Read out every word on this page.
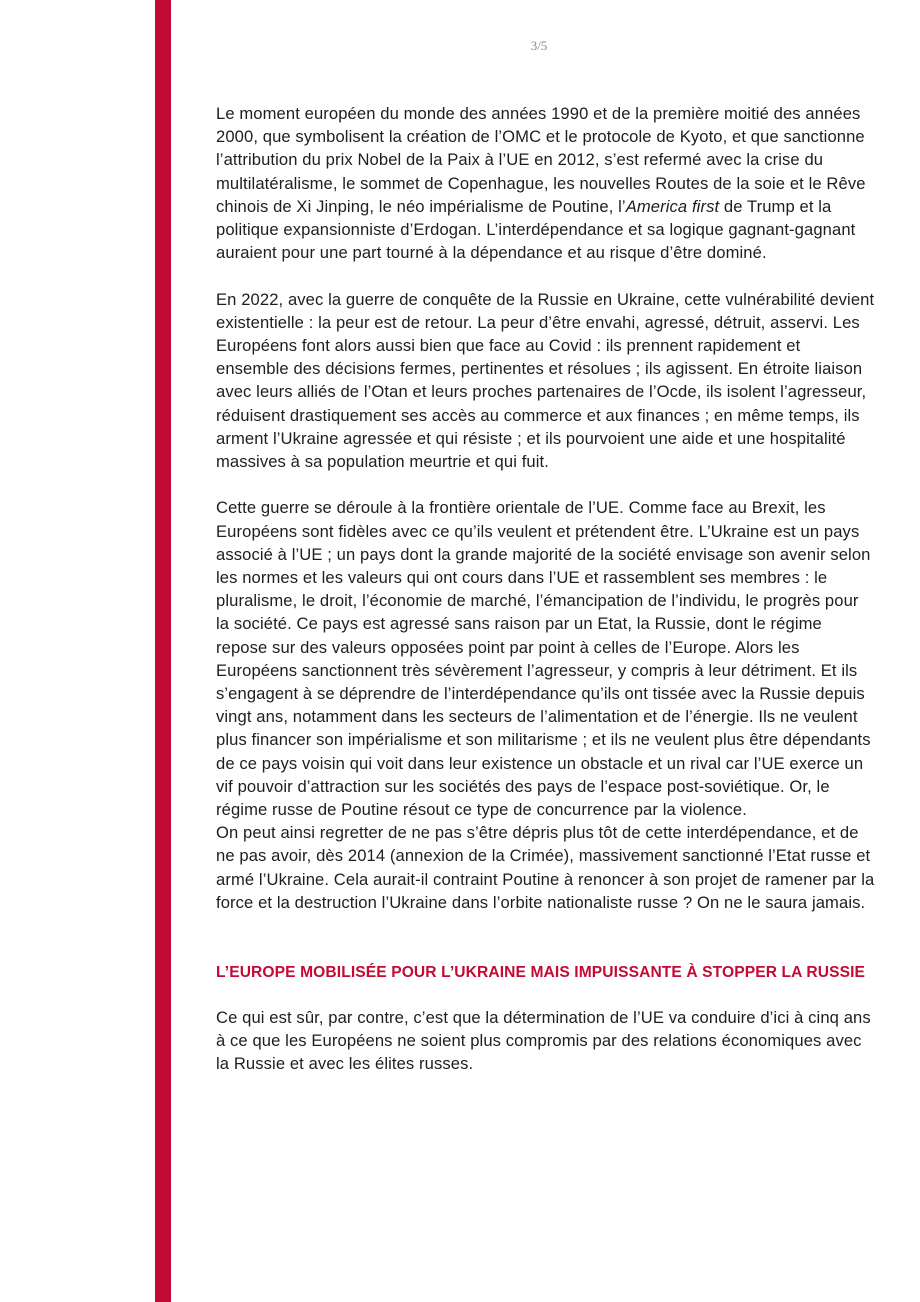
3/5

Le moment européen du monde des années 1990 et de la première moitié des années 2000, que symbolisent la création de l’OMC et le protocole de Kyoto, et que sanctionne l’attribution du prix Nobel de la Paix à l’UE en 2012, s’est refermé avec la crise du multilatéralisme, le sommet de Copenhague, les nouvelles Routes de la soie et le Rêve chinois de Xi Jinping, le néo impérialisme de Poutine, l’America first de Trump et la politique expansionniste d’Erdogan. L’interdépendance et sa logique gagnant-gagnant auraient pour une part tourné à la dépendance et au risque d’être dominé.

En 2022, avec la guerre de conquête de la Russie en Ukraine, cette vulnérabilité devient existentielle : la peur est de retour. La peur d’être envahi, agressé, détruit, asservi. Les Européens font alors aussi bien que face au Covid : ils prennent rapidement et ensemble des décisions fermes, pertinentes et résolues ; ils agissent. En étroite liaison avec leurs alliés de l’Otan et leurs proches partenaires de l’Ocde, ils isolent l’agresseur, réduisent drastiquement ses accès au commerce et aux finances ; en même temps, ils arment l’Ukraine agressée et qui résiste ; et ils pourvoient une aide et une hospitalité massives à sa population meurtrie et qui fuit.

Cette guerre se déroule à la frontière orientale de l’UE. Comme face au Brexit, les Européens sont fidèles avec ce qu’ils veulent et prétendent être. L’Ukraine est un pays associé à l’UE ; un pays dont la grande majorité de la société envisage son avenir selon les normes et les valeurs qui ont cours dans l’UE et rassemblent ses membres : le pluralisme, le droit, l’économie de marché, l’émancipation de l’individu, le progrès pour la société. Ce pays est agressé sans raison par un Etat, la Russie, dont le régime repose sur des valeurs opposées point par point à celles de l’Europe. Alors les Européens sanctionnent très sévèrement l’agresseur, y compris à leur détriment. Et ils s’engagent à se déprendre de l’interdépendance qu’ils ont tissée avec la Russie depuis vingt ans, notamment dans les secteurs de l’alimentation et de l’énergie. Ils ne veulent plus financer son impérialisme et son militarisme ; et ils ne veulent plus être dépendants de ce pays voisin qui voit dans leur existence un obstacle et un rival car l’UE exerce un vif pouvoir d’attraction sur les sociétés des pays de l’espace post-soviétique. Or, le régime russe de Poutine résout ce type de concurrence par la violence.

On peut ainsi regretter de ne pas s’être dépris plus tôt de cette interdépendance, et de ne pas avoir, dès 2014 (annexion de la Crimée), massivement sanctionné l’Etat russe et armé l’Ukraine. Cela aurait-il contraint Poutine à renoncer à son projet de ramener par la force et la destruction l’Ukraine dans l’orbite nationaliste russe ? On ne le saura jamais.

L’EUROPE MOBILISÉE POUR L’UKRAINE MAIS IMPUISSANTE À STOPPER LA RUSSIE

Ce qui est sûr, par contre, c’est que la détermination de l’UE va conduire d’ici à cinq ans à ce que les Européens ne soient plus compromis par des relations économiques avec la Russie et avec les élites russes.
